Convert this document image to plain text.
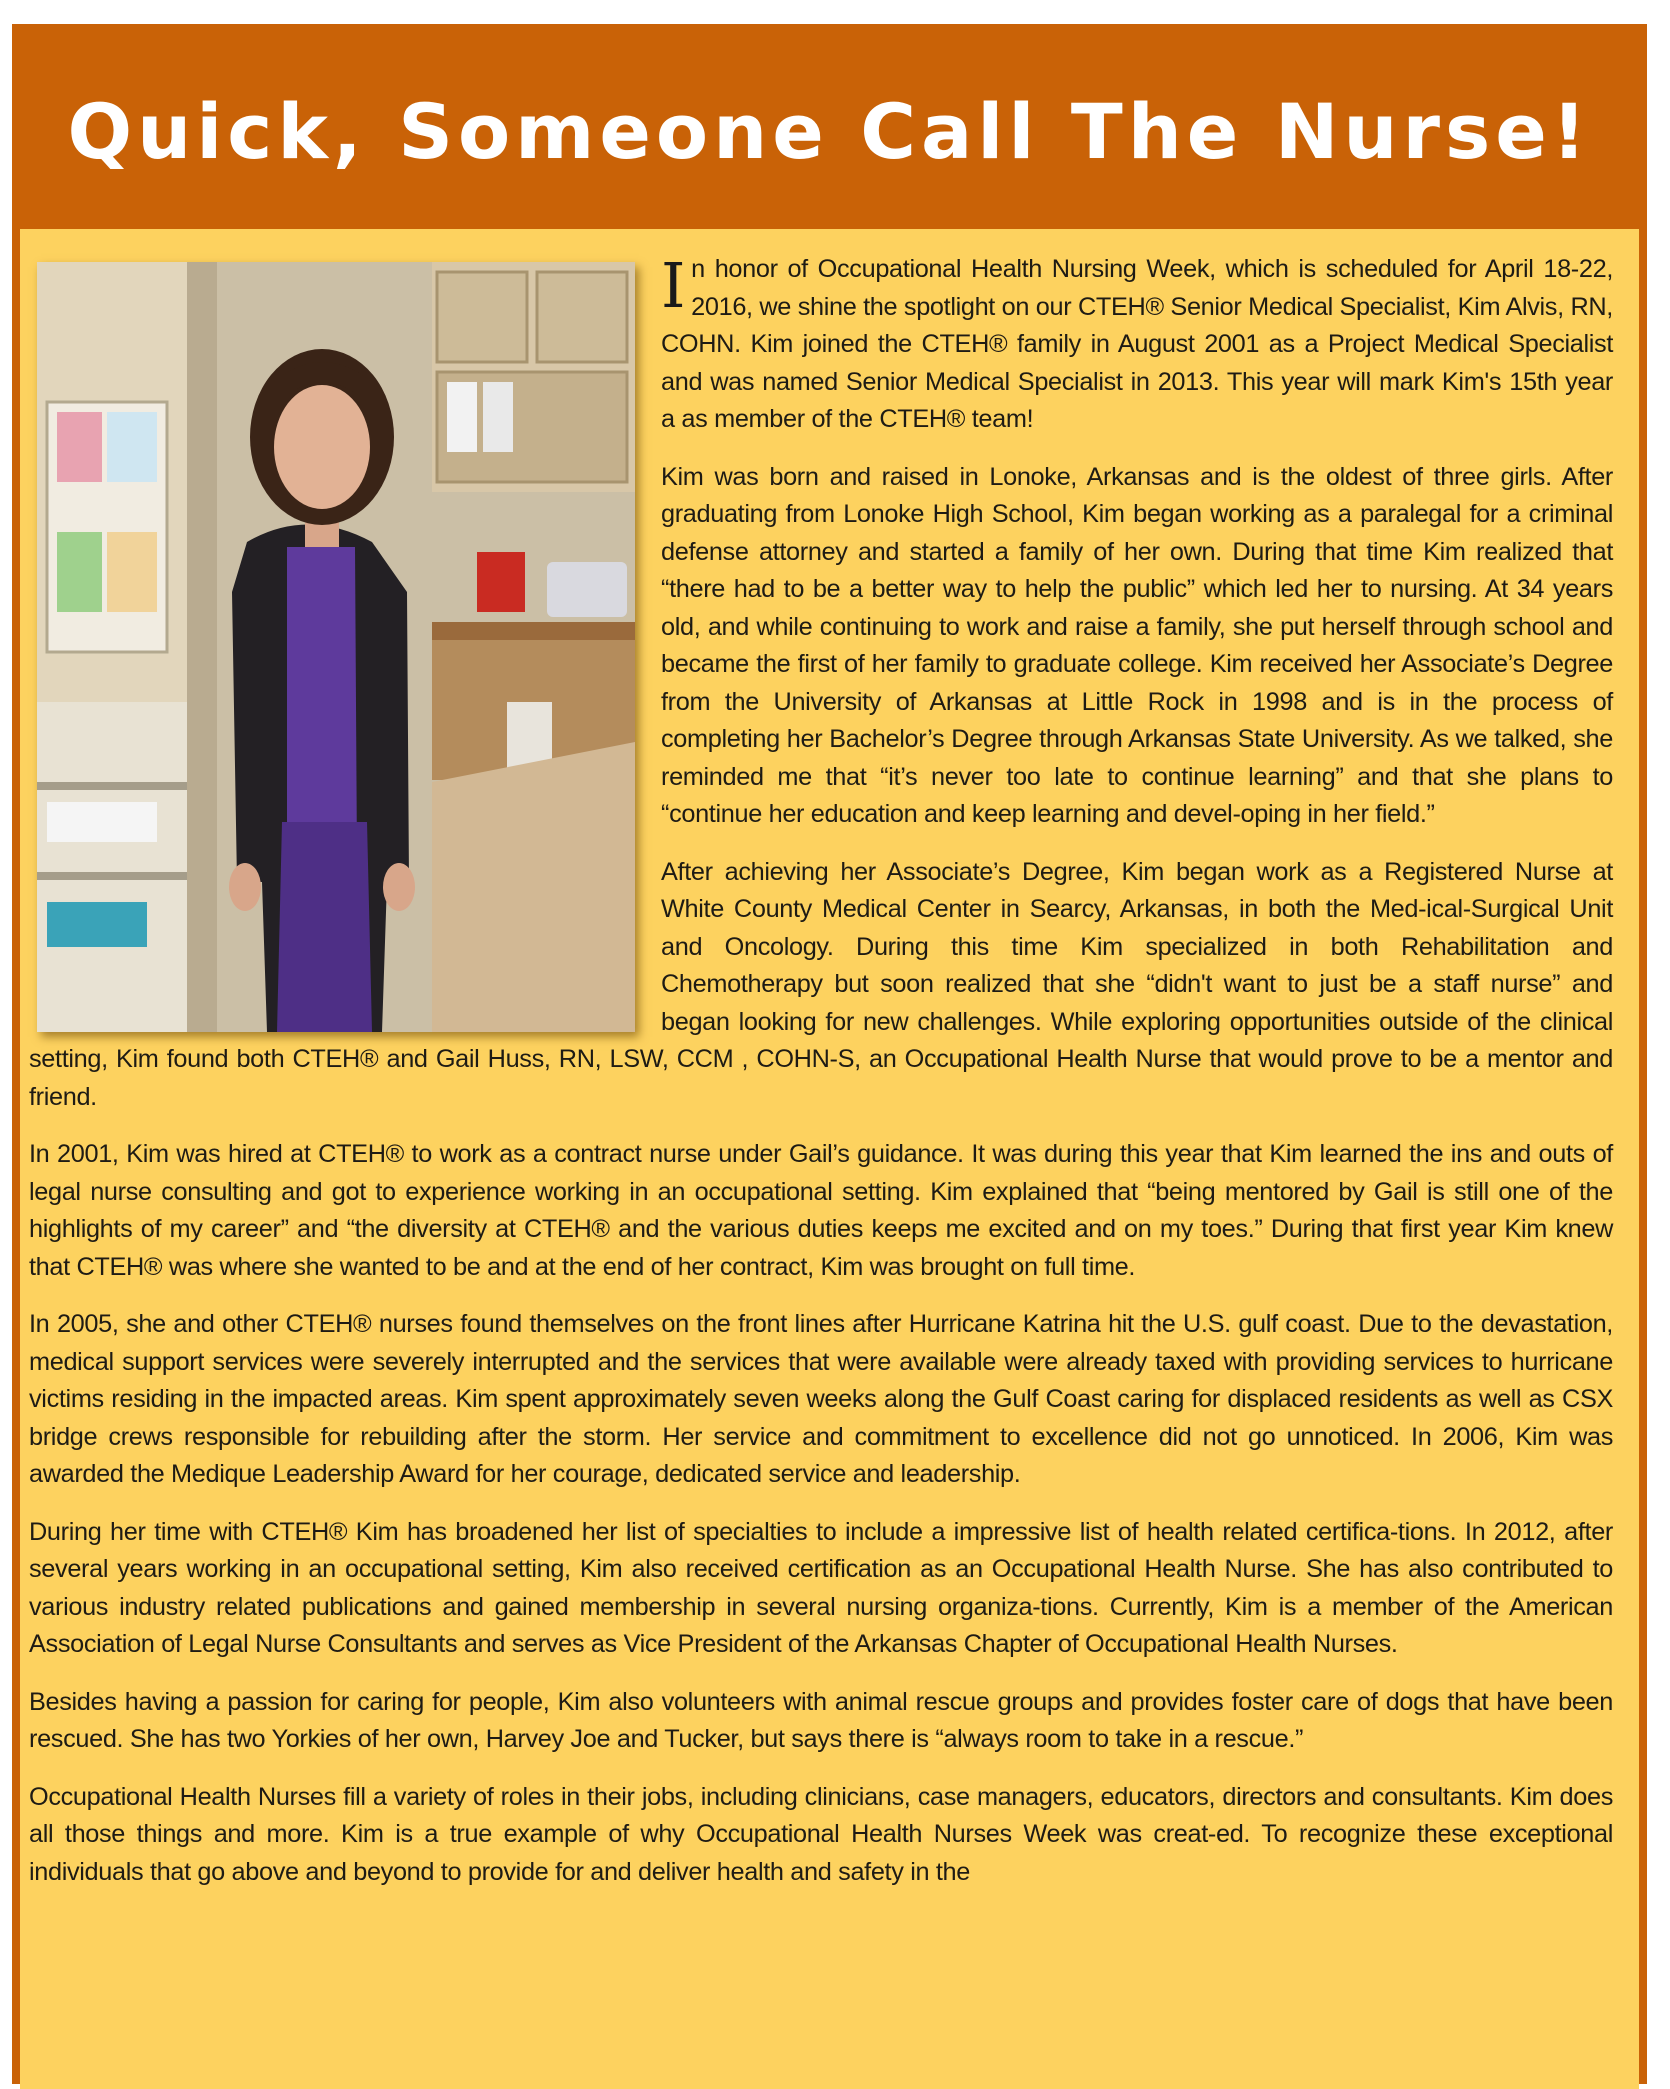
Quick, Someone Call The Nurse!

In honor of Occupational Health Nursing Week, which is scheduled for April 18-22, 2016, we shine the spotlight on our CTEH® Senior Medical Specialist, Kim Alvis, RN, COHN. Kim joined the CTEH® family in August 2001 as a Project Medical Specialist and was named Senior Medical Specialist in 2013. This year will mark Kim's 15th year a as member of the CTEH® team!

Kim was born and raised in Lonoke, Arkansas and is the oldest of three girls. After graduating from Lonoke High School, Kim began working as a paralegal for a criminal defense attorney and started a family of her own. During that time Kim realized that “there had to be a better way to help the public” which led her to nursing. At 34 years old, and while continuing to work and raise a family, she put herself through school and became the first of her family to graduate college. Kim received her Associate’s Degree from the University of Arkansas at Little Rock in 1998 and is in the process of completing her Bachelor’s Degree through Arkansas State University. As we talked, she reminded me that “it’s never too late to continue learning” and that she plans to “continue her education and keep learning and devel-oping in her field.”

After achieving her Associate’s Degree, Kim began work as a Registered Nurse at White County Medical Center in Searcy, Arkansas, in both the Med-ical-Surgical Unit and Oncology. During this time Kim specialized in both Rehabilitation and Chemotherapy but soon realized that she “didn't want to just be a staff nurse” and began looking for new challenges. While exploring opportunities outside of the clinical setting, Kim found both CTEH® and Gail Huss, RN, LSW, CCM , COHN-S, an Occupational Health Nurse that would prove to be a mentor and friend.

In 2001, Kim was hired at CTEH® to work as a contract nurse under Gail’s guidance. It was during this year that Kim learned the ins and outs of legal nurse consulting and got to experience working in an occupational setting. Kim explained that “being mentored by Gail is still one of the highlights of my career” and “the diversity at CTEH® and the various duties keeps me excited and on my toes.” During that first year Kim knew that CTEH® was where she wanted to be and at the end of her contract, Kim was brought on full time.

In 2005, she and other CTEH® nurses found themselves on the front lines after Hurricane Katrina hit the U.S. gulf coast. Due to the devastation, medical support services were severely interrupted and the services that were available were already taxed with providing services to hurricane victims residing in the impacted areas. Kim spent approximately seven weeks along the Gulf Coast caring for displaced residents as well as CSX bridge crews responsible for rebuilding after the storm. Her service and commitment to excellence did not go unnoticed. In 2006, Kim was awarded the Medique Leadership Award for her courage, dedicated service and leadership.

During her time with CTEH® Kim has broadened her list of specialties to include a impressive list of health related certifica-tions. In 2012, after several years working in an occupational setting, Kim also received certification as an Occupational Health Nurse. She has also contributed to various industry related publications and gained membership in several nursing organiza-tions. Currently, Kim is a member of the American Association of Legal Nurse Consultants and serves as Vice President of the Arkansas Chapter of Occupational Health Nurses.

Besides having a passion for caring for people, Kim also volunteers with animal rescue groups and provides foster care of dogs that have been rescued. She has two Yorkies of her own, Harvey Joe and Tucker, but says there is “always room to take in a rescue.”

Occupational Health Nurses fill a variety of roles in their jobs, including clinicians, case managers, educators, directors and consultants. Kim does all those things and more. Kim is a true example of why Occupational Health Nurses Week was creat-ed. To recognize these exceptional individuals that go above and beyond to provide for and deliver health and safety in the
